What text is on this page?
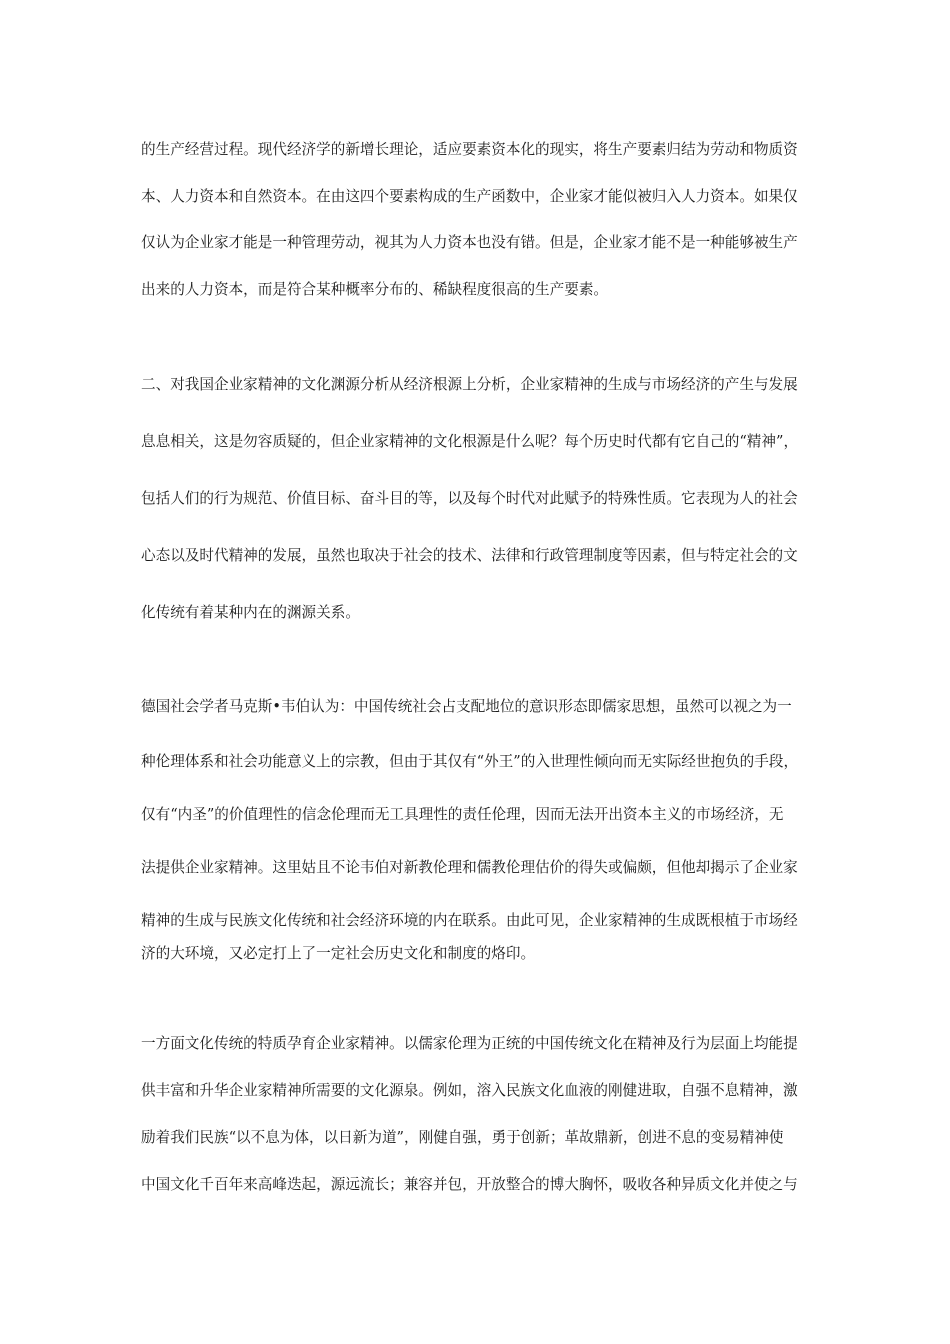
的生产经营过程。现代经济学的新增长理论，适应要素资本化的现实，将生产要素归结为劳动和物质资
本、人力资本和自然资本。在由这四个要素构成的生产函数中，企业家才能似被归入人力资本。如果仅
仅认为企业家才能是一种管理劳动，视其为人力资本也没有错。但是，企业家才能不是一种能够被生产
出来的人力资本，而是符合某种概率分布的、稀缺程度很高的生产要素。
二、对我国企业家精神的文化渊源分析从经济根源上分析，企业家精神的生成与市场经济的产生与发展
息息相关，这是勿容质疑的，但企业家精神的文化根源是什么呢？每个历史时代都有它自己的“精神”，
包括人们的行为规范、价值目标、奋斗目的等，以及每个时代对此赋予的特殊性质。它表现为人的社会
心态以及时代精神的发展，虽然也取决于社会的技术、法律和行政管理制度等因素，但与特定社会的文
化传统有着某种内在的渊源关系。
德国社会学者马克斯•韦伯认为：中国传统社会占支配地位的意识形态即儒家思想，虽然可以视之为一
种伦理体系和社会功能意义上的宗教，但由于其仅有“外王”的入世理性倾向而无实际经世抱负的手段，
仅有“内圣”的价值理性的信念伦理而无工具理性的责任伦理，因而无法开出资本主义的市场经济，无
法提供企业家精神。这里姑且不论韦伯对新教伦理和儒教伦理估价的得失或偏颇，但他却揭示了企业家
精神的生成与民族文化传统和社会经济环境的内在联系。由此可见，企业家精神的生成既根植于市场经
济的大环境，又必定打上了一定社会历史文化和制度的烙印。
一方面文化传统的特质孕育企业家精神。以儒家伦理为正统的中国传统文化在精神及行为层面上均能提
供丰富和升华企业家精神所需要的文化源泉。例如，溶入民族文化血液的刚健进取，自强不息精神，激
励着我们民族“以不息为体，以日新为道”，刚健自强，勇于创新；革故鼎新，创进不息的变易精神使
中国文化千百年来高峰迭起，源远流长；兼容并包，开放整合的博大胸怀，吸收各种异质文化并使之与
